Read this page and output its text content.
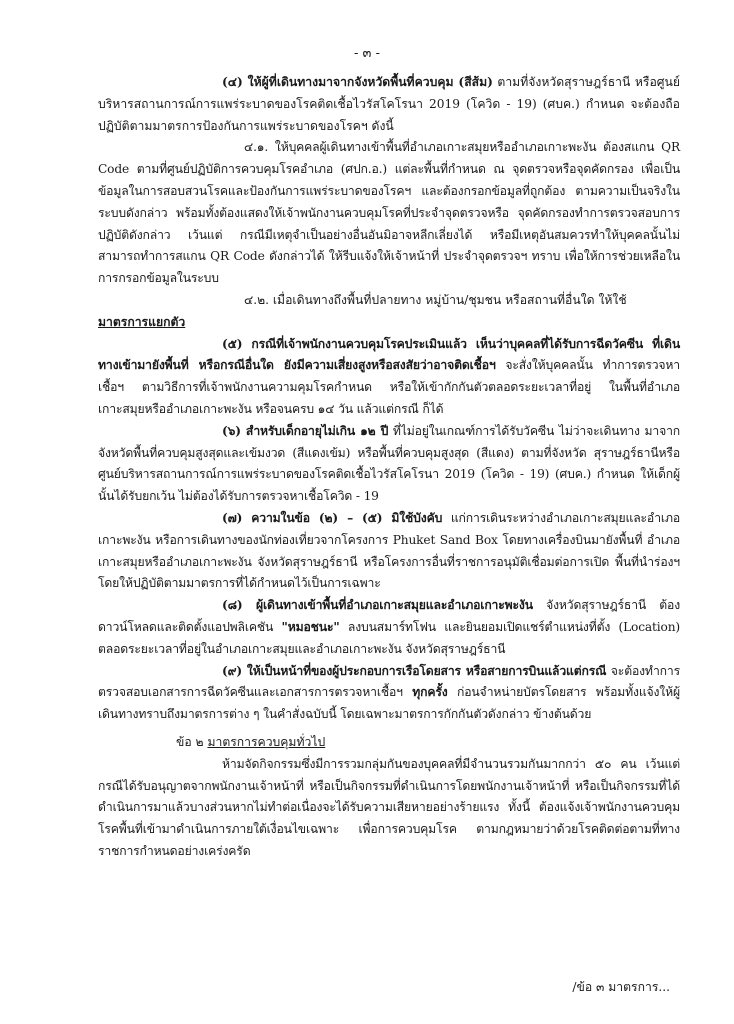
- ๓ -

(๔) ให้ผู้ที่เดินทางมาจากจังหวัดพื้นที่ควบคุม (สีส้ม) ตามที่จังหวัดสุราษฎร์ธานี หรือศูนย์บริหารสถานการณ์การแพร่ระบาดของโรคติดเชื้อไวรัสโคโรนา 2019 (โควิด - 19) (ศบค.) กำหนด จะต้องถือปฏิบัติตามมาตรการป้องกันการแพร่ระบาดของโรคฯ ดังนี้

๔.๑. ให้บุคคลผู้เดินทางเข้าพื้นที่อำเภอเกาะสมุยหรืออำเภอเกาะพะงัน ต้องสแกน QR Code ตามที่ศูนย์ปฏิบัติการควบคุมโรคอำเภอ (ศปก.อ.) แต่ละพื้นที่กำหนด ณ จุดตรวจหรือจุดคัดกรอง เพื่อเป็นข้อมูลในการสอบสวนโรคและป้องกันการแพร่ระบาดของโรคฯ และต้องกรอกข้อมูลที่ถูกต้อง ตามความเป็นจริงในระบบดังกล่าว พร้อมทั้งต้องแสดงให้เจ้าพนักงานควบคุมโรคที่ประจำจุดตรวจหรือ จุดคัดกรองทำการตรวจสอบการปฏิบัติดังกล่าว เว้นแต่ กรณีมีเหตุจำเป็นอย่างอื่นอันมิอาจหลีกเลี่ยงได้ หรือมีเหตุอันสมควรทำให้บุคคลนั้นไม่สามารถทำการสแกน QR Code ดังกล่าวได้ ให้รีบแจ้งให้เจ้าหน้าที่ ประจำจุดตรวจฯ ทราบ เพื่อให้การช่วยเหลือในการกรอกข้อมูลในระบบ

๔.๒. เมื่อเดินทางถึงพื้นที่ปลายทาง หมู่บ้าน/ชุมชน หรือสถานที่อื่นใด ให้ใช้
มาตรการแยกตัว

(๕) กรณีที่เจ้าพนักงานควบคุมโรคประเมินแล้ว เห็นว่าบุคคลที่ได้รับการฉีดวัคซีน ที่เดินทางเข้ามายังพื้นที่ หรือกรณีอื่นใด ยังมีความเสี่ยงสูงหรือสงสัยว่าอาจติดเชื้อฯ จะสั่งให้บุคคลนั้น ทำการตรวจหาเชื้อฯ ตามวิธีการที่เจ้าพนักงานความคุมโรคกำหนด หรือให้เข้ากักกันตัวตลอดระยะเวลาที่อยู่ ในพื้นที่อำเภอเกาะสมุยหรืออำเภอเกาะพะงัน หรือจนครบ ๑๔ วัน แล้วแต่กรณี ก็ได้

(๖) สำหรับเด็กอายุไม่เกิน ๑๒ ปี ที่ไม่อยู่ในเกณฑ์การได้รับวัคซีน ไม่ว่าจะเดินทาง มาจากจังหวัดพื้นที่ควบคุมสูงสุดและเข้มงวด (สีแดงเข้ม) หรือพื้นที่ควบคุมสูงสุด (สีแดง) ตามที่จังหวัด สุราษฎร์ธานีหรือศูนย์บริหารสถานการณ์การแพร่ระบาดของโรคติดเชื้อไวรัสโคโรนา 2019 (โควิด - 19) (ศบค.) กำหนด ให้เด็กผู้นั้นได้รับยกเว้น ไม่ต้องได้รับการตรวจหาเชื้อโควิด - 19

(๗) ความในข้อ (๒) – (๕) มิใช้บังคับ แก่การเดินระหว่างอำเภอเกาะสมุยและอำเภอ เกาะพะงัน หรือการเดินทางของนักท่องเที่ยวจากโครงการ Phuket Sand Box โดยทางเครื่องบินมายังพื้นที่ อำเภอเกาะสมุยหรืออำเภอเกาะพะงัน จังหวัดสุราษฎร์ธานี หรือโครงการอื่นที่ราชการอนุมัติเชื่อมต่อการเปิด พื้นที่นำร่องฯ โดยให้ปฏิบัติตามมาตรการที่ได้กำหนดไว้เป็นการเฉพาะ

(๘) ผู้เดินทางเข้าพื้นที่อำเภอเกาะสมุยและอำเภอเกาะพะงัน จังหวัดสุราษฎร์ธานี ต้องดาวน์โหลดและติดตั้งแอปพลิเคชัน "หมอชนะ" ลงบนสมาร์ทโฟน และยินยอมเปิดแชร์ตำแหน่งที่ตั้ง (Location) ตลอดระยะเวลาที่อยู่ในอำเภอเกาะสมุยและอำเภอเกาะพะงัน จังหวัดสุราษฎร์ธานี

(๙) ให้เป็นหน้าที่ของผู้ประกอบการเรือโดยสาร หรือสายการบินแล้วแต่กรณี จะต้องทำการตรวจสอบเอกสารการฉีดวัคซีนและเอกสารการตรวจหาเชื้อฯ ทุกครั้ง ก่อนจำหน่ายบัตรโดยสาร พร้อมทั้งแจ้งให้ผู้เดินทางทราบถึงมาตรการต่าง ๆ ในคำสั่งฉบับนี้ โดยเฉพาะมาตรการกักกันตัวดังกล่าว ข้างต้นด้วย

ข้อ ๒ มาตรการควบคุมทั่วไป

ห้ามจัดกิจกรรมซึ่งมีการรวมกลุ่มกันของบุคคลที่มีจำนวนรวมกันมากกว่า ๕๐ คน เว้นแต่ กรณีได้รับอนุญาตจากพนักงานเจ้าหน้าที่ หรือเป็นกิจกรรมที่ดำเนินการโดยพนักงานเจ้าหน้าที่ หรือเป็นกิจกรรมที่ได้ดำเนินการมาแล้วบางส่วนหากไม่ทำต่อเนื่องจะได้รับความเสียหายอย่างร้ายแรง ทั้งนี้ ต้องแจ้งเจ้าพนักงานควบคุมโรคพื้นที่เข้ามาดำเนินการภายใต้เงื่อนไขเฉพาะ เพื่อการควบคุมโรค ตามกฎหมายว่าด้วยโรคติดต่อตามที่ทางราชการกำหนดอย่างเคร่งครัด

/ข้อ ๓ มาตรการ...
